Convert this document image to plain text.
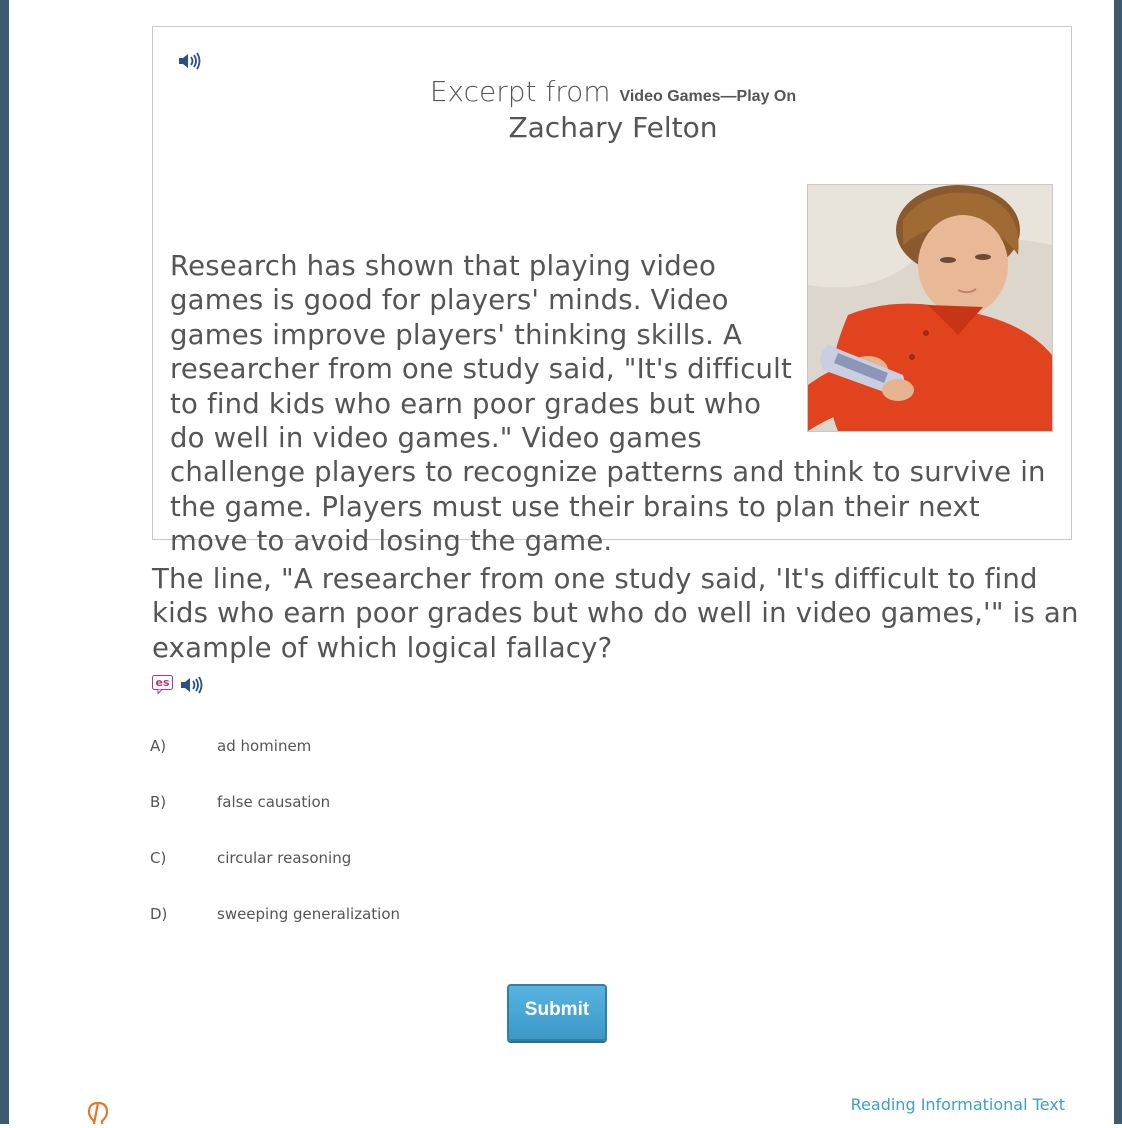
Excerpt from Video Games—Play On
Zachary Felton

Research has shown that playing video games is good for players' minds. Video games improve players' thinking skills. A researcher from one study said, "It's difficult to find kids who earn poor grades but who do well in video games." Video games challenge players to recognize patterns and think to survive in the game. Players must use their brains to plan their next move to avoid losing the game.

The line, "A researcher from one study said, 'It's difficult to find kids who earn poor grades but who do well in video games,'" is an example of which logical fallacy?

es
A)	ad hominem
B)	false causation
C)	circular reasoning
D)	sweeping generalization
Submit
Reading Informational Text
